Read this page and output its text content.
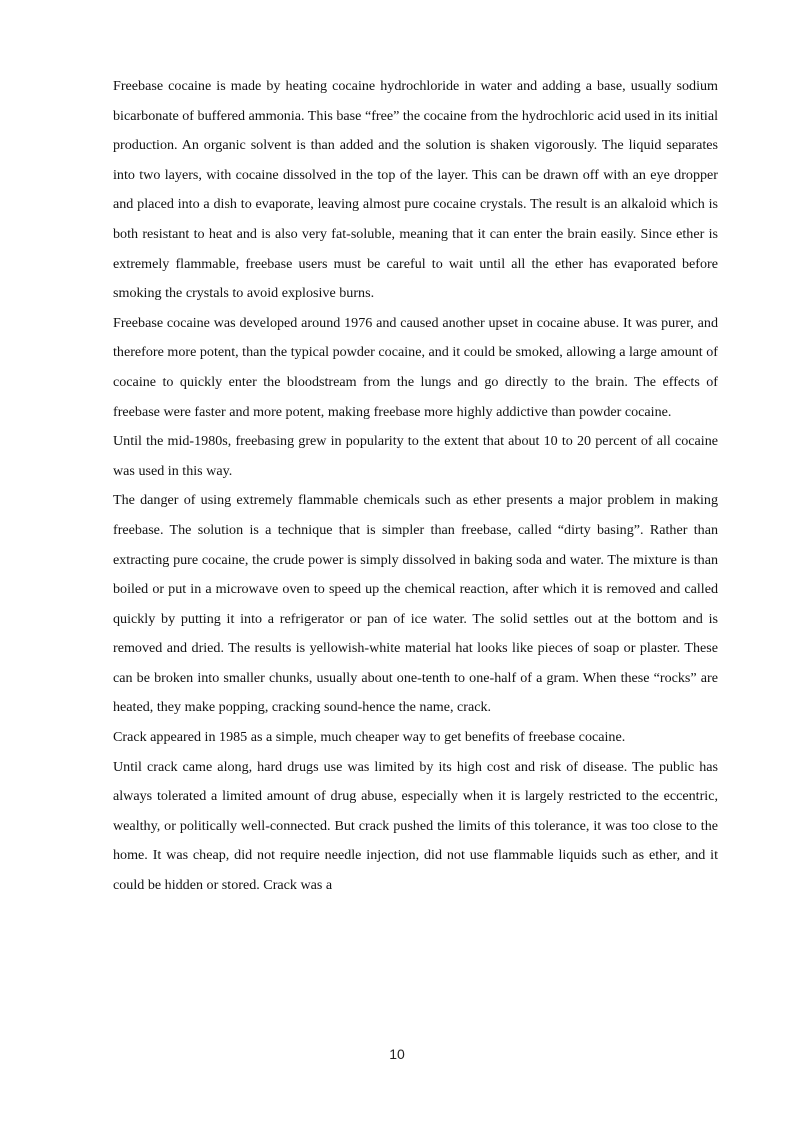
Freebase cocaine is made by heating cocaine hydrochloride in water and adding a base, usually sodium bicarbonate of buffered ammonia. This base “free” the cocaine from the hydrochloric acid used in its initial production. An organic solvent is than added and the solution is shaken vigorously. The liquid separates into two layers, with cocaine dissolved in the top of the layer. This can be drawn off with an eye dropper and placed into a dish to evaporate, leaving almost pure cocaine crystals. The result is an alkaloid which is both resistant to heat and is also very fat-soluble, meaning that it can enter the brain easily. Since ether is extremely flammable, freebase users must be careful to wait until all the ether has evaporated before smoking the crystals to avoid explosive burns.

Freebase cocaine was developed around 1976 and caused another upset in cocaine abuse. It was purer, and therefore more potent, than the typical powder cocaine, and it could be smoked, allowing a large amount of cocaine to quickly enter the bloodstream from the lungs and go directly to the brain. The effects of freebase were faster and more potent, making freebase more highly addictive than powder cocaine.

Until the mid-1980s, freebasing grew in popularity to the extent that about 10 to 20 percent of all cocaine was used in this way.

The danger of using extremely flammable chemicals such as ether presents a major problem in making freebase. The solution is a technique that is simpler than freebase, called “dirty basing”. Rather than extracting pure cocaine, the crude power is simply dissolved in baking soda and water. The mixture is than boiled or put in a microwave oven to speed up the chemical reaction, after which it is removed and called quickly by putting it into a refrigerator or pan of ice water. The solid settles out at the bottom and is removed and dried. The results is yellowish-white material hat looks like pieces of soap or plaster. These can be broken into smaller chunks, usually about one-tenth to one-half of a gram. When these “rocks” are heated, they make popping, cracking sound-hence the name, crack.

Crack appeared in 1985 as a simple, much cheaper way to get benefits of freebase cocaine.

Until crack came along, hard drugs use was limited by its high cost and risk of disease. The public has always tolerated a limited amount of drug abuse, especially when it is largely restricted to the eccentric, wealthy, or politically well-connected. But crack pushed the limits of this tolerance, it was too close to the home. It was cheap, did not require needle injection, did not use flammable liquids such as ether, and it could be hidden or stored. Crack was a

10
